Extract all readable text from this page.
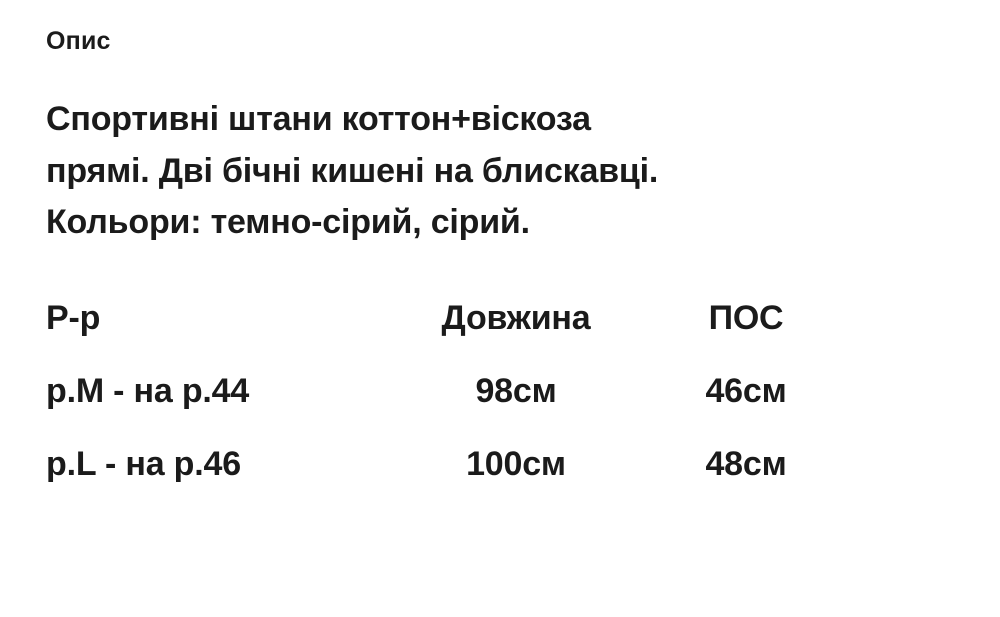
Опис

Спортивні штани коттон+віскоза
прямі. Дві бічні кишені на блискавці.
Кольори: темно-сірий, сірий.

Р-р	Довжина	ПОС
р.M - на р.44	98см	46см
р.L - на р.46	100см	48см
